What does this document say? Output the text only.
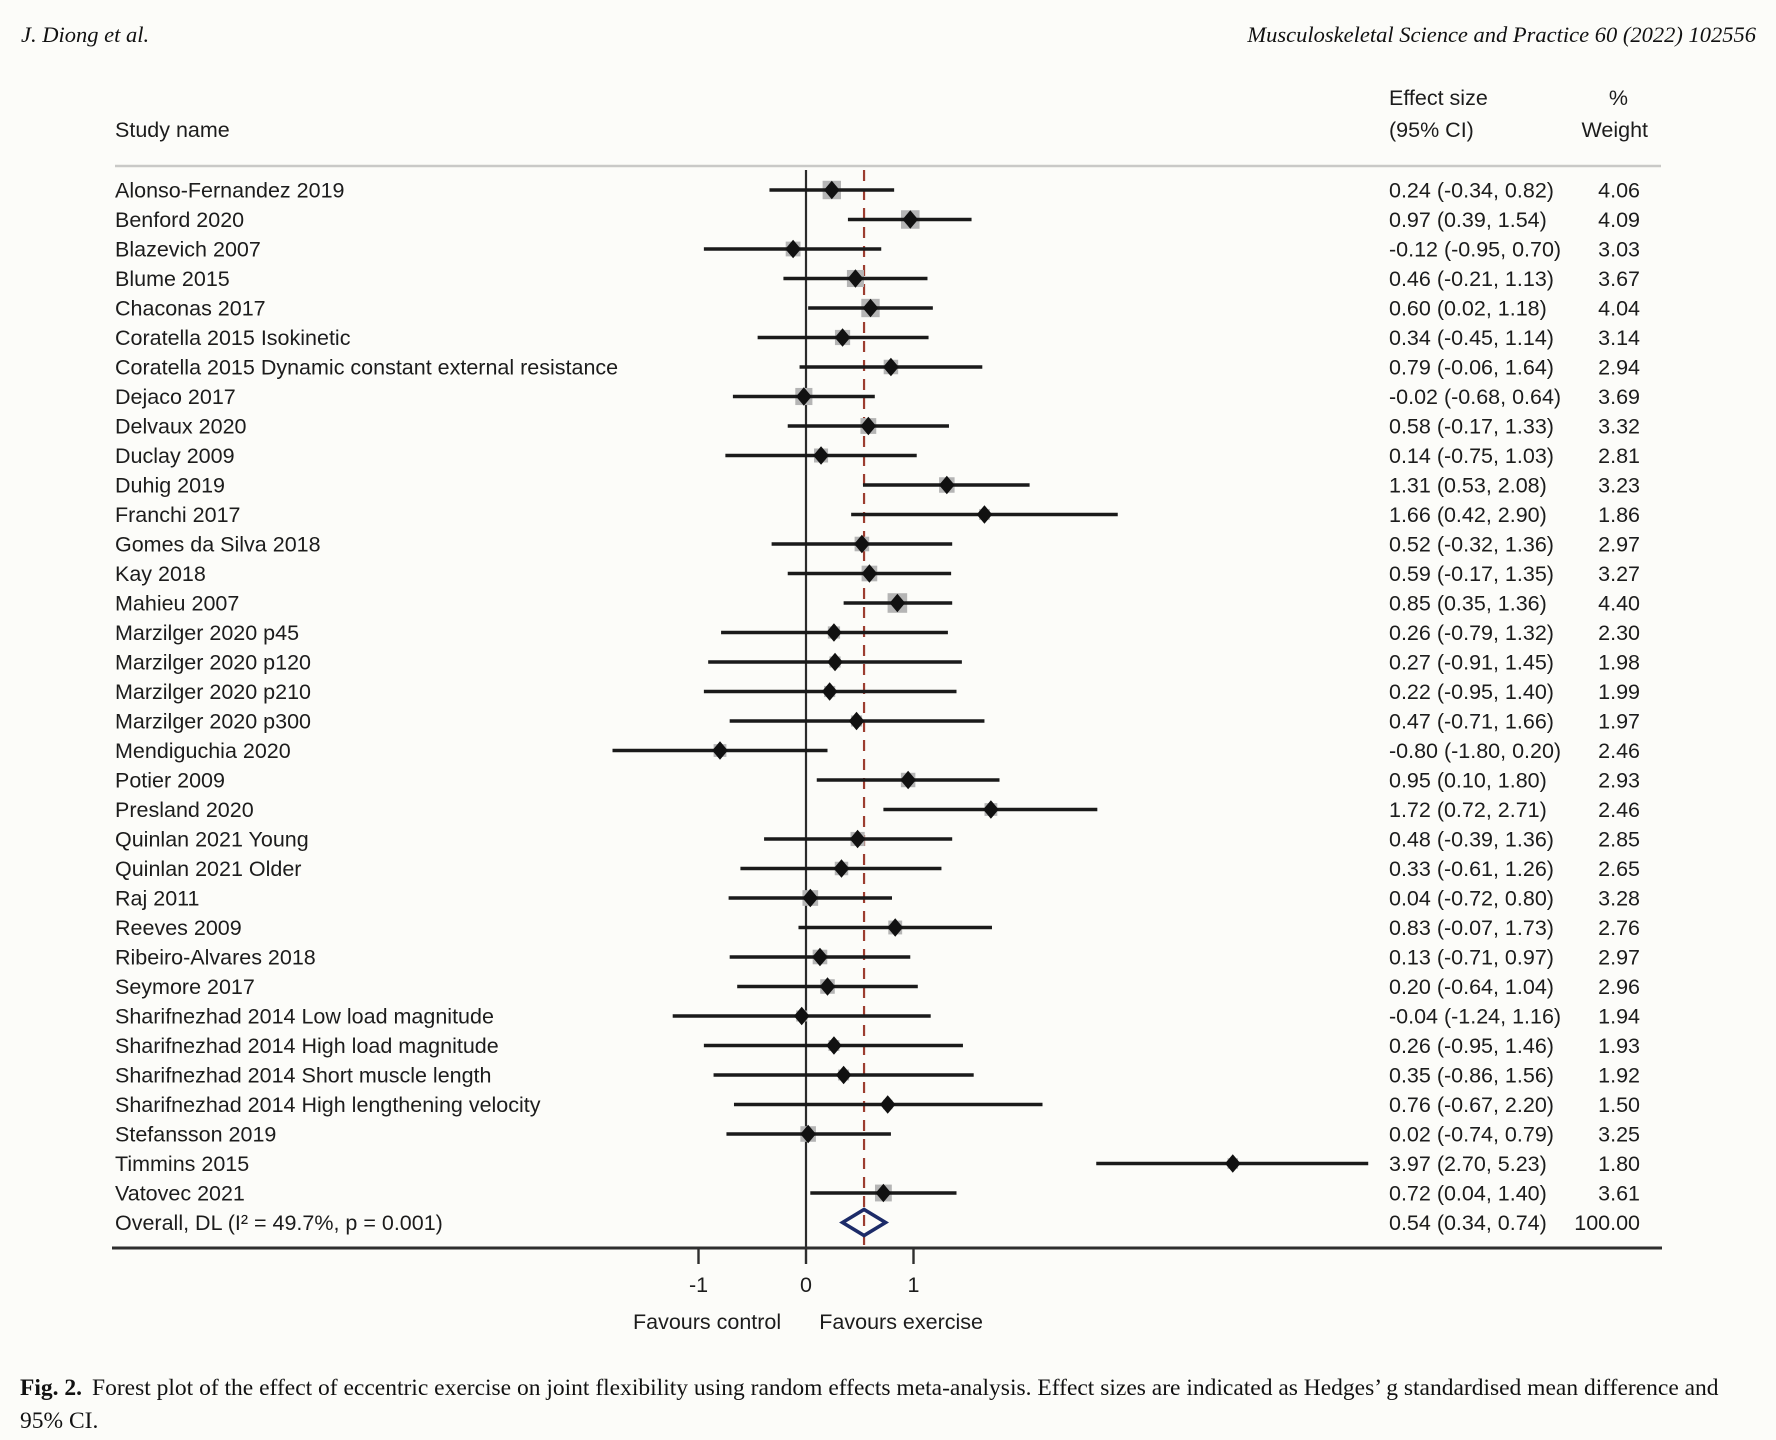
J. Diong et al.	Musculoskeletal Science and Practice 60 (2022) 102556
Study name
Effect size
(95% CI)
%
Weight
Alonso-Fernandez 2019	0.24 (-0.34, 0.82) 4.06
Benford 2020	0.97 (0.39, 1.54) 4.09
Blazevich 2007	-0.12 (-0.95, 0.70) 3.03
Blume 2015	0.46 (-0.21, 1.13) 3.67
Chaconas 2017	0.60 (0.02, 1.18) 4.04
Coratella 2015 Isokinetic	0.34 (-0.45, 1.14) 3.14
Coratella 2015 Dynamic constant external resistance	0.79 (-0.06, 1.64) 2.94
Dejaco 2017	-0.02 (-0.68, 0.64) 3.69
Delvaux 2020	0.58 (-0.17, 1.33) 3.32
Duclay 2009	0.14 (-0.75, 1.03) 2.81
Duhig 2019	1.31 (0.53, 2.08) 3.23
Franchi 2017	1.66 (0.42, 2.90) 1.86
Gomes da Silva 2018	0.52 (-0.32, 1.36) 2.97
Kay 2018	0.59 (-0.17, 1.35) 3.27
Mahieu 2007	0.85 (0.35, 1.36) 4.40
Marzilger 2020 p45	0.26 (-0.79, 1.32) 2.30
Marzilger 2020 p120	0.27 (-0.91, 1.45) 1.98
Marzilger 2020 p210	0.22 (-0.95, 1.40) 1.99
Marzilger 2020 p300	0.47 (-0.71, 1.66) 1.97
Mendiguchia 2020	-0.80 (-1.80, 0.20) 2.46
Potier 2009	0.95 (0.10, 1.80) 2.93
Presland 2020	1.72 (0.72, 2.71) 2.46
Quinlan 2021 Young	0.48 (-0.39, 1.36) 2.85
Quinlan 2021 Older	0.33 (-0.61, 1.26) 2.65
Raj 2011	0.04 (-0.72, 0.80) 3.28
Reeves 2009	0.83 (-0.07, 1.73) 2.76
Ribeiro-Alvares 2018	0.13 (-0.71, 0.97) 2.97
Seymore 2017	0.20 (-0.64, 1.04) 2.96
Sharifnezhad 2014 Low load magnitude	-0.04 (-1.24, 1.16) 1.94
Sharifnezhad 2014 High load magnitude	0.26 (-0.95, 1.46) 1.93
Sharifnezhad 2014 Short muscle length	0.35 (-0.86, 1.56) 1.92
Sharifnezhad 2014 High lengthening velocity	0.76 (-0.67, 2.20) 1.50
Stefansson 2019	0.02 (-0.74, 0.79) 3.25
Timmins 2015	3.97 (2.70, 5.23) 1.80
Vatovec 2021	0.72 (0.04, 1.40) 3.61
Overall, DL (I² = 49.7%, p = 0.001)	0.54 (0.34, 0.74) 100.00
-1	0	1
Favours control Favours exercise
Fig. 2. Forest plot of the effect of eccentric exercise on joint flexibility using random effects meta-analysis. Effect sizes are indicated as Hedges’ g standardised mean difference and 95% CI.
